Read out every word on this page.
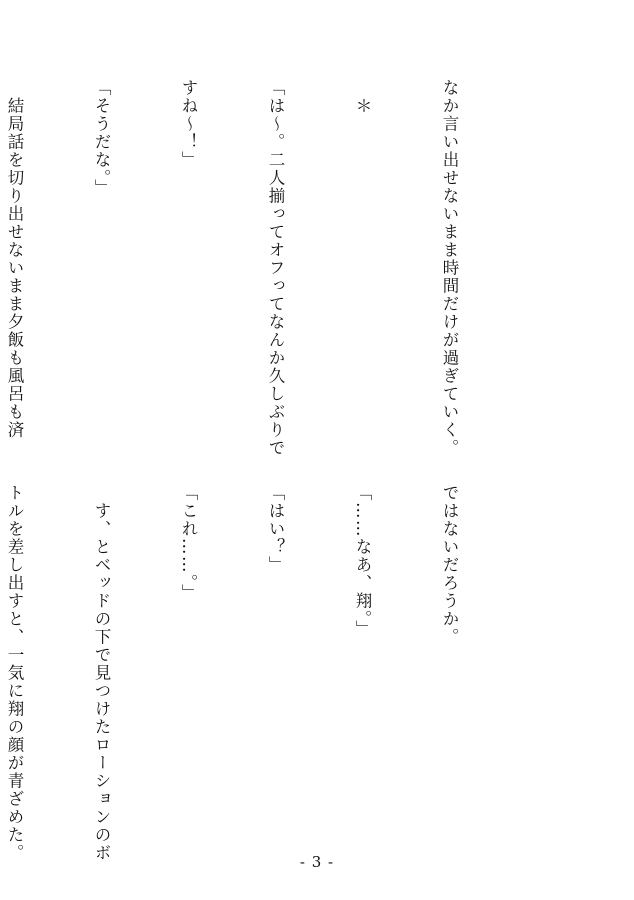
なか言い出せないまま時間だけが過ぎていく。

　＊

「は～。二人揃ってオフってなんか久しぶりで

すね～！」

「そうだな。」

　結局話を切り出せないまま夕飯も風呂も済

ではないだろうか。

「……なあ、翔。」

「はい？」

「これ……。」

　す、とベッドの下で見つけたローションのボ

トルを差し出すと、一気に翔の顔が青ざめた。

	- 3 -
